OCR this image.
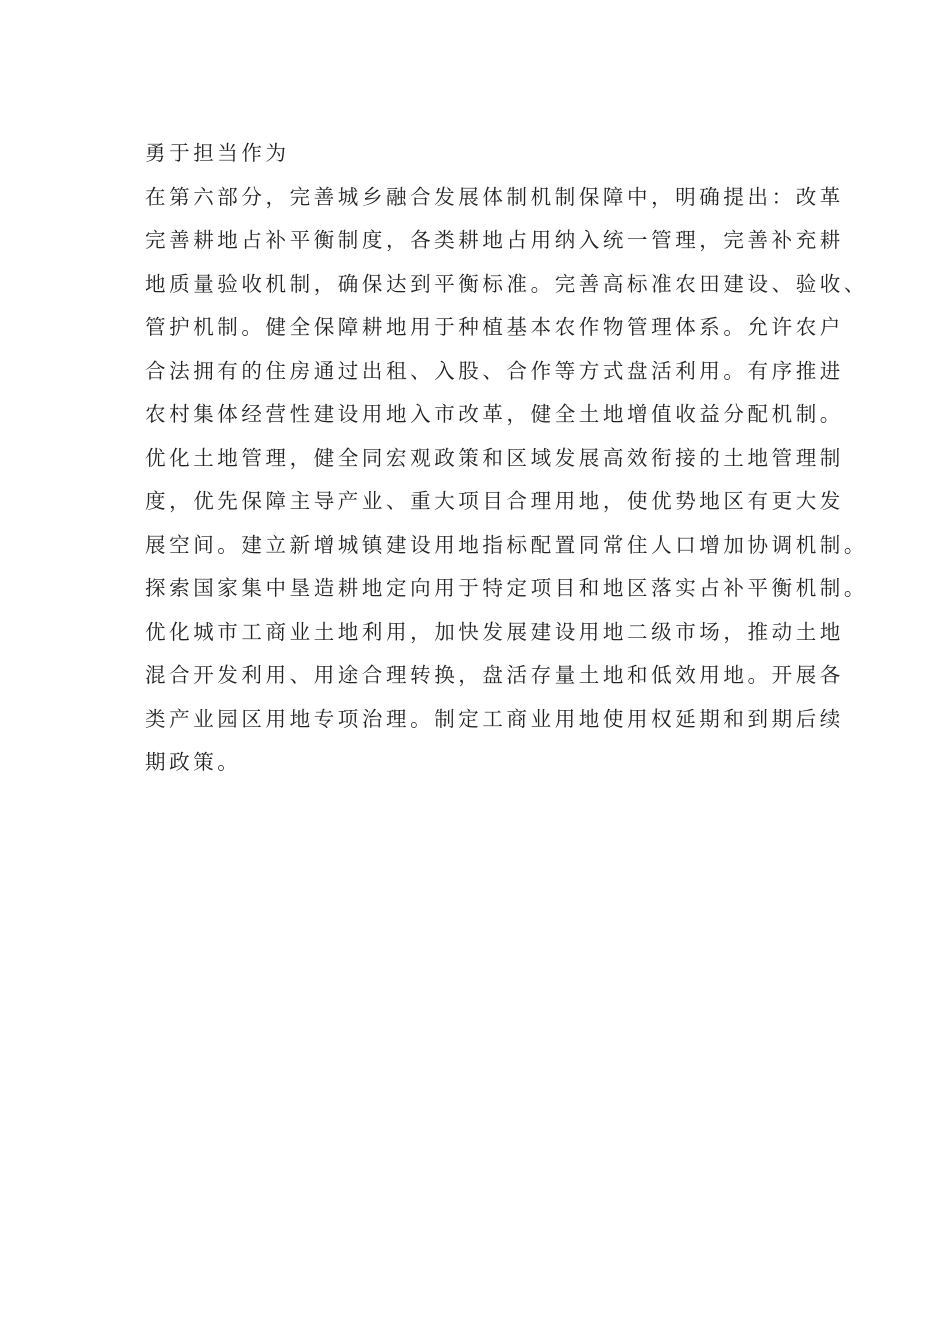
勇于担当作为
在第六部分，完善城乡融合发展体制机制保障中，明确提出：改革
完善耕地占补平衡制度，各类耕地占用纳入统一管理，完善补充耕
地质量验收机制，确保达到平衡标准。完善高标准农田建设、验收、
管护机制。健全保障耕地用于种植基本农作物管理体系。允许农户
合法拥有的住房通过出租、入股、合作等方式盘活利用。有序推进
农村集体经营性建设用地入市改革，健全土地增值收益分配机制。
优化土地管理，健全同宏观政策和区域发展高效衔接的土地管理制
度，优先保障主导产业、重大项目合理用地，使优势地区有更大发
展空间。建立新增城镇建设用地指标配置同常住人口增加协调机制。
探索国家集中垦造耕地定向用于特定项目和地区落实占补平衡机制。
优化城市工商业土地利用，加快发展建设用地二级市场，推动土地
混合开发利用、用途合理转换，盘活存量土地和低效用地。开展各
类产业园区用地专项治理。制定工商业用地使用权延期和到期后续
期政策。
